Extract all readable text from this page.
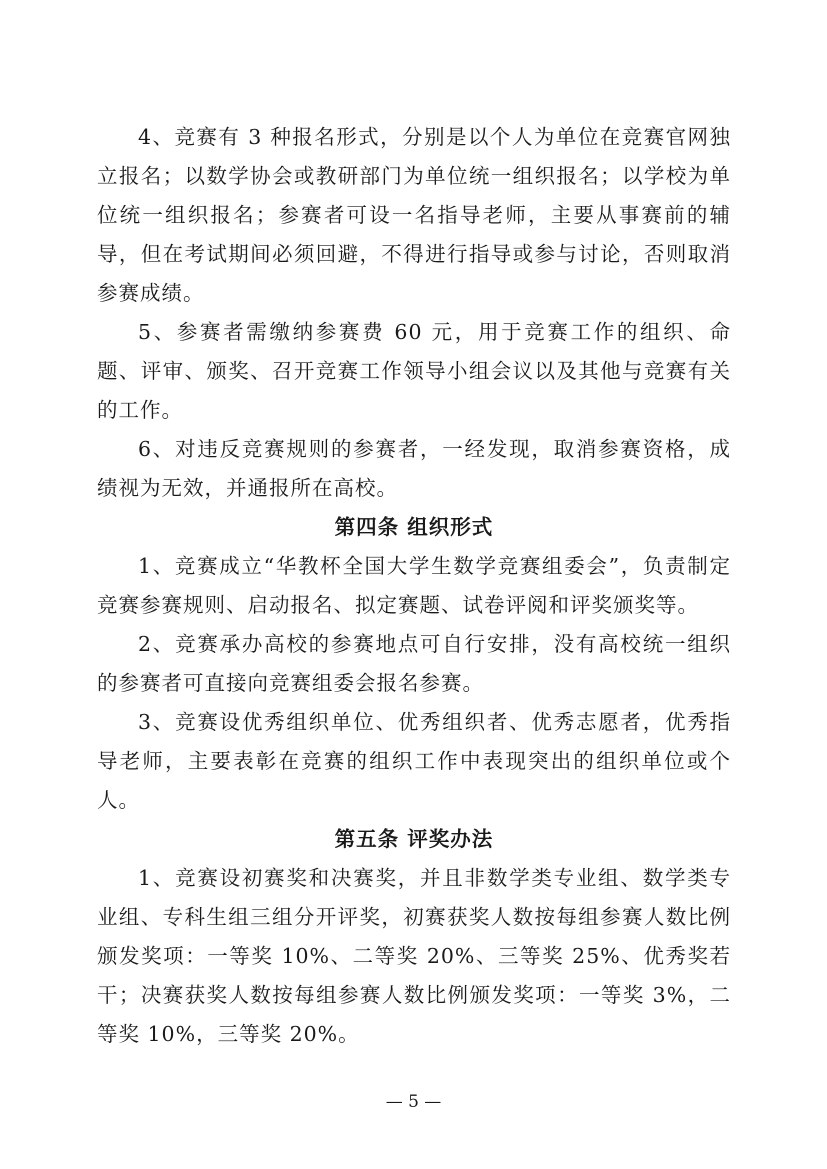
4、竞赛有 3 种报名形式，分别是以个人为单位在竞赛官网独立报名；以数学协会或教研部门为单位统一组织报名；以学校为单位统一组织报名；参赛者可设一名指导老师，主要从事赛前的辅导，但在考试期间必须回避，不得进行指导或参与讨论，否则取消参赛成绩。

5、参赛者需缴纳参赛费 60 元，用于竞赛工作的组织、命题、评审、颁奖、召开竞赛工作领导小组会议以及其他与竞赛有关的工作。

6、对违反竞赛规则的参赛者，一经发现，取消参赛资格，成绩视为无效，并通报所在高校。

第四条 组织形式

1、竞赛成立“华教杯全国大学生数学竞赛组委会”，负责制定竞赛参赛规则、启动报名、拟定赛题、试卷评阅和评奖颁奖等。

2、竞赛承办高校的参赛地点可自行安排，没有高校统一组织的参赛者可直接向竞赛组委会报名参赛。

3、竞赛设优秀组织单位、优秀组织者、优秀志愿者，优秀指导老师，主要表彰在竞赛的组织工作中表现突出的组织单位或个人。

第五条 评奖办法

1、竞赛设初赛奖和决赛奖，并且非数学类专业组、数学类专业组、专科生组三组分开评奖，初赛获奖人数按每组参赛人数比例颁发奖项：一等奖 10%、二等奖 20%、三等奖 25%、优秀奖若干；决赛获奖人数按每组参赛人数比例颁发奖项：一等奖 3%，二等奖 10%，三等奖 20%。

— 5 —
